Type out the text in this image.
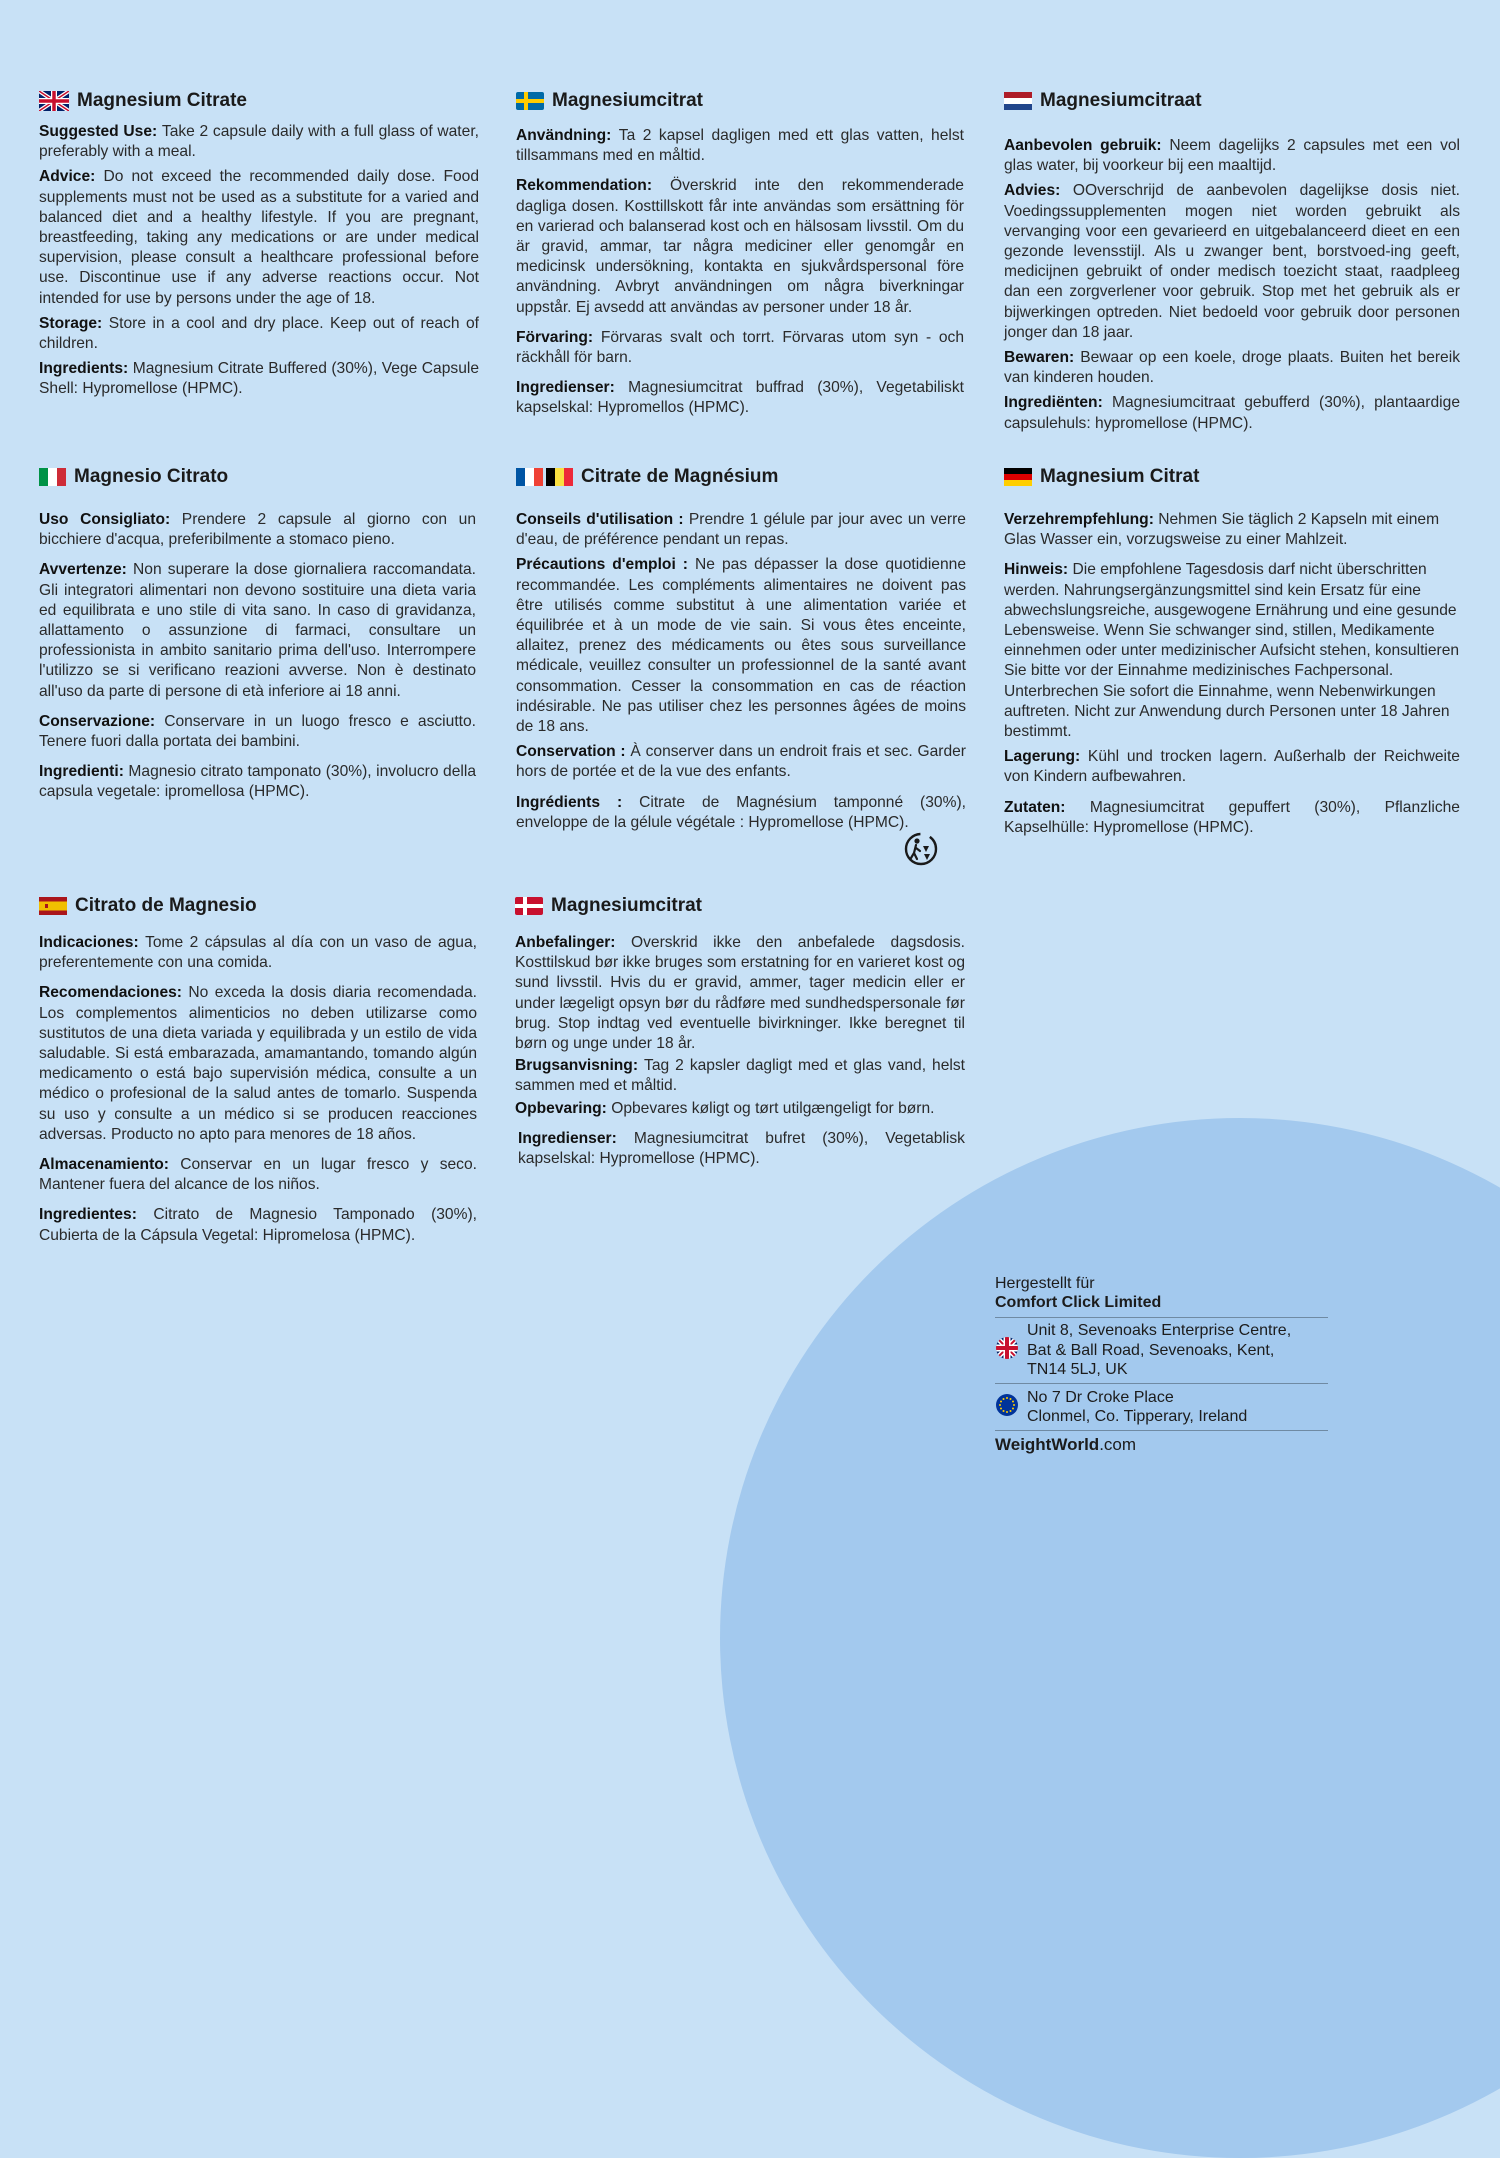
Magnesium Citrate

Suggested Use: Take 2 capsule daily with a full glass of water, preferably with a meal.

Advice: Do not exceed the recommended daily dose. Food supplements must not be used as a substitute for a varied and balanced diet and a healthy lifestyle. If you are pregnant, breastfeeding, taking any medications or are under medical supervision, please consult a healthcare professional before use. Discontinue use if any adverse reactions occur. Not intended for use by persons under the age of 18.

Storage: Store in a cool and dry place. Keep out of reach of children.

Ingredients: Magnesium Citrate Buffered (30%), Vege Capsule Shell: Hypromellose (HPMC).

Magnesiumcitrat

Användning: Ta 2 kapsel dagligen med ett glas vatten, helst tillsammans med en måltid.

Rekommendation: Överskrid inte den rekommenderade dagliga dosen. Kosttillskott får inte användas som ersättning för en varierad och balanserad kost och en hälsosam livsstil. Om du är gravid, ammar, tar några mediciner eller genomgår en medicinsk undersökning, kontakta en sjukvårdspersonal före användning. Avbryt användningen om några biverkningar uppstår. Ej avsedd att användas av personer under 18 år.

Förvaring: Förvaras svalt och torrt. Förvaras utom syn - och räckhåll för barn.

Ingredienser: Magnesiumcitrat buffrad (30%), Vegetabiliskt kapselskal: Hypromellos (HPMC).

Magnesiumcitraat

Aanbevolen gebruik: Neem dagelijks 2 capsules met een vol glas water, bij voorkeur bij een maaltijd.

Advies: OOverschrijd de aanbevolen dagelijkse dosis niet. Voedingssupplementen mogen niet worden gebruikt als vervanging voor een gevarieerd en uitgebalanceerd dieet en een gezonde levensstijl. Als u zwanger bent, borstvoed-ing geeft, medicijnen gebruikt of onder medisch toezicht staat, raadpleeg dan een zorgverlener voor gebruik. Stop met het gebruik als er bijwerkingen optreden. Niet bedoeld voor gebruik door personen jonger dan 18 jaar.

Bewaren: Bewaar op een koele, droge plaats. Buiten het bereik van kinderen houden.

Ingrediënten: Magnesiumcitraat gebufferd (30%), plantaardige capsulehuls: hypromellose (HPMC).

Magnesio Citrato

Uso Consigliato: Prendere 2 capsule al giorno con un bicchiere d'acqua, preferibilmente a stomaco pieno.

Avvertenze: Non superare la dose giornaliera raccomandata. Gli integratori alimentari non devono sostituire una dieta varia ed equilibrata e uno stile di vita sano. In caso di gravidanza, allattamento o assunzione di farmaci, consultare un professionista in ambito sanitario prima dell'uso. Interrompere l'utilizzo se si verificano reazioni avverse. Non è destinato all'uso da parte di persone di età inferiore ai 18 anni.

Conservazione: Conservare in un luogo fresco e asciutto. Tenere fuori dalla portata dei bambini.

Ingredienti: Magnesio citrato tamponato (30%), involucro della capsula vegetale: ipromellosa (HPMC).

Citrate de Magnésium

Conseils d'utilisation : Prendre 1 gélule par jour avec un verre d'eau, de préférence pendant un repas.

Précautions d'emploi : Ne pas dépasser la dose quotidienne recommandée. Les compléments alimentaires ne doivent pas être utilisés comme substitut à une alimentation variée et équilibrée et à un mode de vie sain. Si vous êtes enceinte, allaitez, prenez des médicaments ou êtes sous surveillance médicale, veuillez consulter un professionnel de la santé avant consommation. Cesser la consommation en cas de réaction indésirable. Ne pas utiliser chez les personnes âgées de moins de 18 ans.

Conservation : À conserver dans un endroit frais et sec. Garder hors de portée et de la vue des enfants.

Ingrédients : Citrate de Magnésium tamponné (30%), enveloppe de la gélule végétale : Hypromellose (HPMC).

Magnesium Citrat

Verzehrempfehlung: Nehmen Sie täglich 2 Kapseln mit einem Glas Wasser ein, vorzugsweise zu einer Mahlzeit.

Hinweis: Die empfohlene Tagesdosis darf nicht überschritten werden. Nahrungsergänzungsmittel sind kein Ersatz für eine abwechslungsreiche, ausgewogene Ernährung und eine gesunde Lebensweise. Wenn Sie schwanger sind, stillen, Medikamente einnehmen oder unter medizinischer Aufsicht stehen, konsultieren Sie bitte vor der Einnahme medizinisches Fachpersonal. Unterbrechen Sie sofort die Einnahme, wenn Nebenwirkungen auftreten. Nicht zur Anwendung durch Personen unter 18 Jahren bestimmt.

Lagerung: Kühl und trocken lagern. Außerhalb der Reichweite von Kindern aufbewahren.

Zutaten: Magnesiumcitrat gepuffert (30%), Pflanzliche Kapselhülle: Hypromellose (HPMC).

Citrato de Magnesio

Indicaciones: Tome 2 cápsulas al día con un vaso de agua, preferentemente con una comida.

Recomendaciones: No exceda la dosis diaria recomendada. Los complementos alimenticios no deben utilizarse como sustitutos de una dieta variada y equilibrada y un estilo de vida saludable. Si está embarazada, amamantando, tomando algún medicamento o está bajo supervisión médica, consulte a un médico o profesional de la salud antes de tomarlo. Suspenda su uso y consulte a un médico si se producen reacciones adversas. Producto no apto para menores de 18 años.

Almacenamiento: Conservar en un lugar fresco y seco. Mantener fuera del alcance de los niños.

Ingredientes: Citrato de Magnesio Tamponado (30%), Cubierta de la Cápsula Vegetal: Hipromelosa (HPMC).

Magnesiumcitrat

Anbefalinger: Overskrid ikke den anbefalede dagsdosis. Kosttilskud bør ikke bruges som erstatning for en varieret kost og sund livsstil. Hvis du er gravid, ammer, tager medicin eller er under lægeligt opsyn bør du rådføre med sundhedspersonale før brug. Stop indtag ved eventuelle bivirkninger. Ikke beregnet til børn og unge under 18 år.

Brugsanvisning: Tag 2 kapsler dagligt med et glas vand, helst sammen med et måltid.

Opbevaring: Opbevares køligt og tørt utilgængeligt for børn.

Ingredienser: Magnesiumcitrat bufret (30%), Vegetablisk kapselskal: Hypromellose (HPMC).

Hergestellt für
Comfort Click Limited
Unit 8, Sevenoaks Enterprise Centre,
Bat & Ball Road, Sevenoaks, Kent,
TN14 5LJ, UK
No 7 Dr Croke Place
Clonmel, Co. Tipperary, Ireland
WeightWorld.com
